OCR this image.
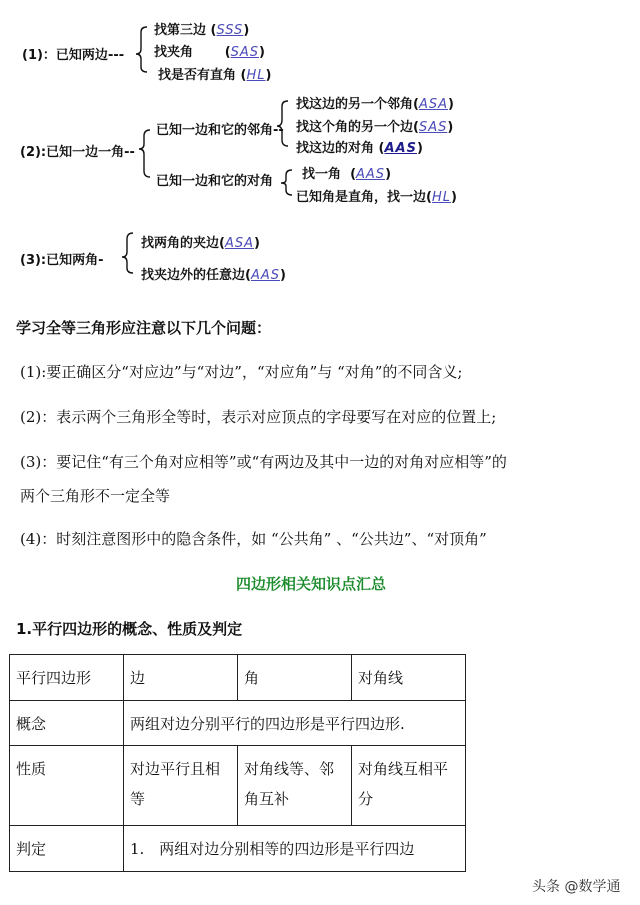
(1)：已知两边---
找第三边 (SSS)
找夹角       (SAS)
找是否有直角 (HL)
(2):已知一边一角--
已知一边和它的邻角--
找这边的另一个邻角(ASA)
找这个角的另一个边(SAS)
找这边的对角 (AAS)
已知一边和它的对角 找一角  (AAS)
已知角是直角，找一边(HL)
(3):已知两角-
找两角的夹边(ASA)
找夹边外的任意边(AAS)
学习全等三角形应注意以下几个问题：
(1):要正确区分“对应边”与“对边”，“对应角”与 “对角”的不同含义;
(2)：表示两个三角形全等时，表示对应顶点的字母要写在对应的位置上;
(3)：要记住“有三个角对应相等”或“有两边及其中一边的对角对应相等”的
两个三角形不一定全等
(4)：时刻注意图形中的隐含条件，如 “公共角” 、“公共边”、“对顶角”
四边形相关知识点汇总
1.平行四边形的概念、性质及判定
平行四边形	边	角	对角线
概念	两组对边分别平行的四边形是平行四边形.		
性质	对边平行且相等	对角线等、邻角互补	对角线互相平分
判定	1.　两组对边分别相等的四边形是平行四边		
头条 @数学通
